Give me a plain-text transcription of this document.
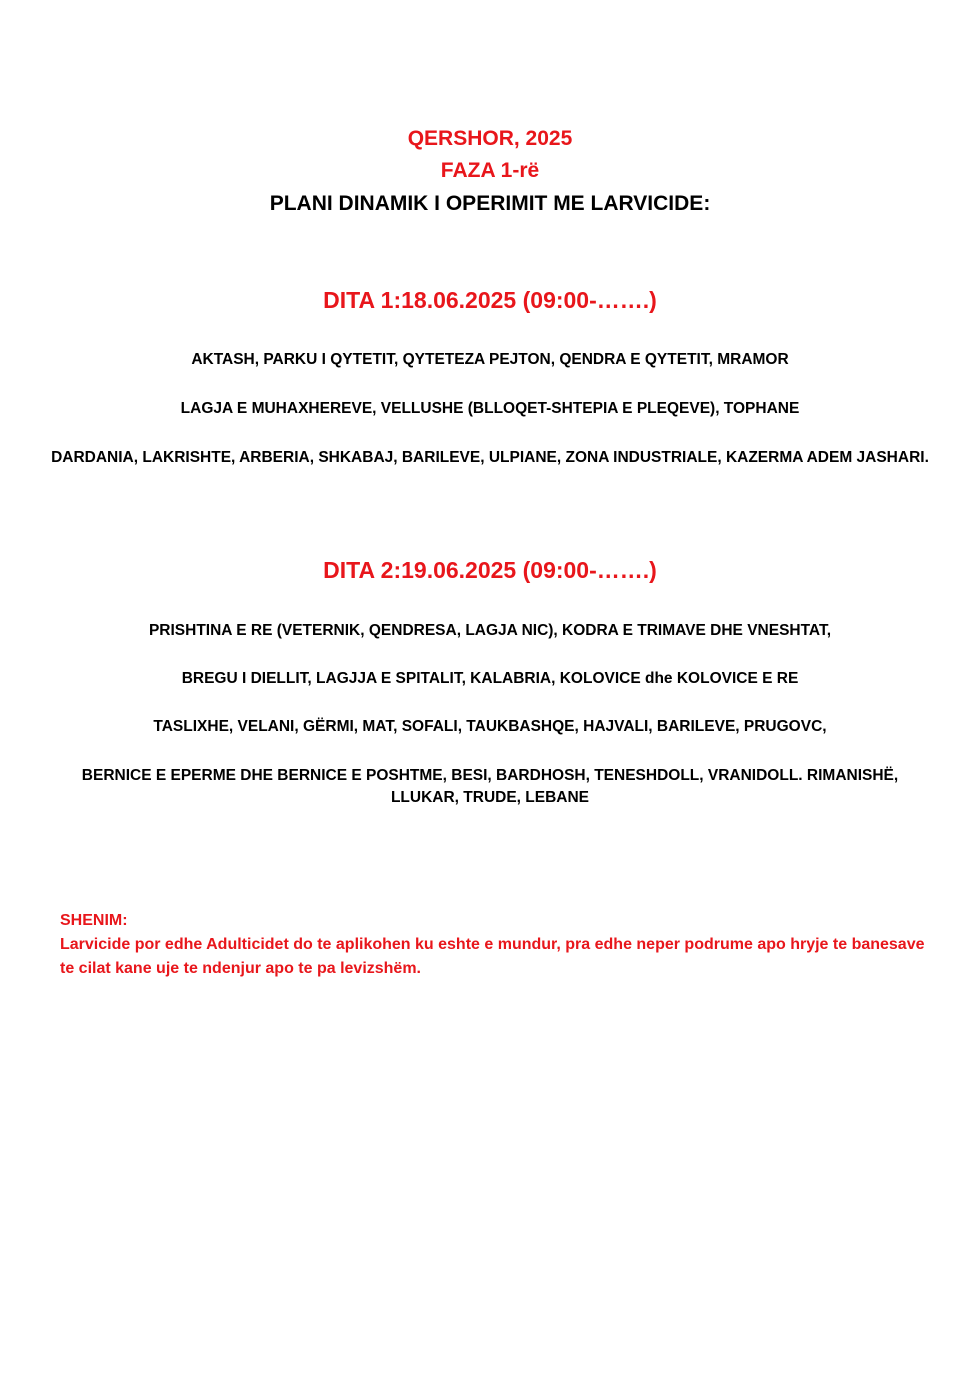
QERSHOR, 2025
FAZA 1-rë
PLANI DINAMIK I OPERIMIT ME LARVICIDE:
DITA 1:18.06.2025 (09:00-…….)
AKTASH, PARKU I QYTETIT, QYTETEZA PEJTON, QENDRA E QYTETIT, MRAMOR
LAGJA E MUHAXHEREVE, VELLUSHE (BLLOQET-SHTEPIA E PLEQEVE), TOPHANE
DARDANIA, LAKRISHTE, ARBERIA, SHKABAJ, BARILEVE, ULPIANE, ZONA INDUSTRIALE, KAZERMA ADEM JASHARI.
DITA 2:19.06.2025 (09:00-…….)
PRISHTINA E RE (VETERNIK, QENDRESA, LAGJA NIC), KODRA E TRIMAVE DHE VNESHTAT,
BREGU I DIELLIT, LAGJJA E SPITALIT, KALABRIA, KOLOVICE dhe KOLOVICE E RE
TASLIXHE, VELANI, GËRMI, MAT, SOFALI, TAUKBASHQE, HAJVALI, BARILEVE, PRUGOVC,
BERNICE E EPERME DHE BERNICE E POSHTME, BESI, BARDHOSH, TENESHDOLL, VRANIDOLL. RIMANISHË, LLUKAR, TRUDE, LEBANE
SHENIM:
Larvicide por edhe Adulticidet do te aplikohen ku eshte e mundur, pra edhe neper podrume apo hryje te banesave te cilat kane uje te ndenjur apo te pa levizshëm.
